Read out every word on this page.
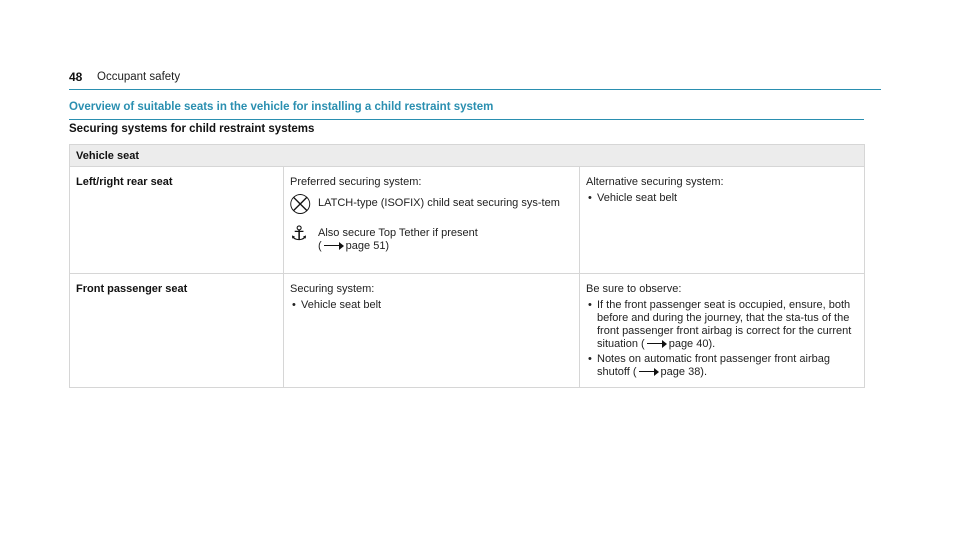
48 Occupant safety
Overview of suitable seats in the vehicle for installing a child restraint system
Securing systems for child restraint systems
Vehicle seat
Left/right rear seat	Preferred securing system:
⛒ LATCH-type (ISOFIX) child seat securing sys-tem
⚓ Also secure Top Tether if present
( page 51)
Alternative securing system:
• Vehicle seat belt
Front passenger seat	Securing system:
• Vehicle seat belt
Be sure to observe:
• If the front passenger seat is occupied, ensure, both before and during the journey, that the sta-tus of the front passenger front airbag is correct for the current situation ( page 40).
• Notes on automatic front passenger front airbag shutoff ( page 38).
